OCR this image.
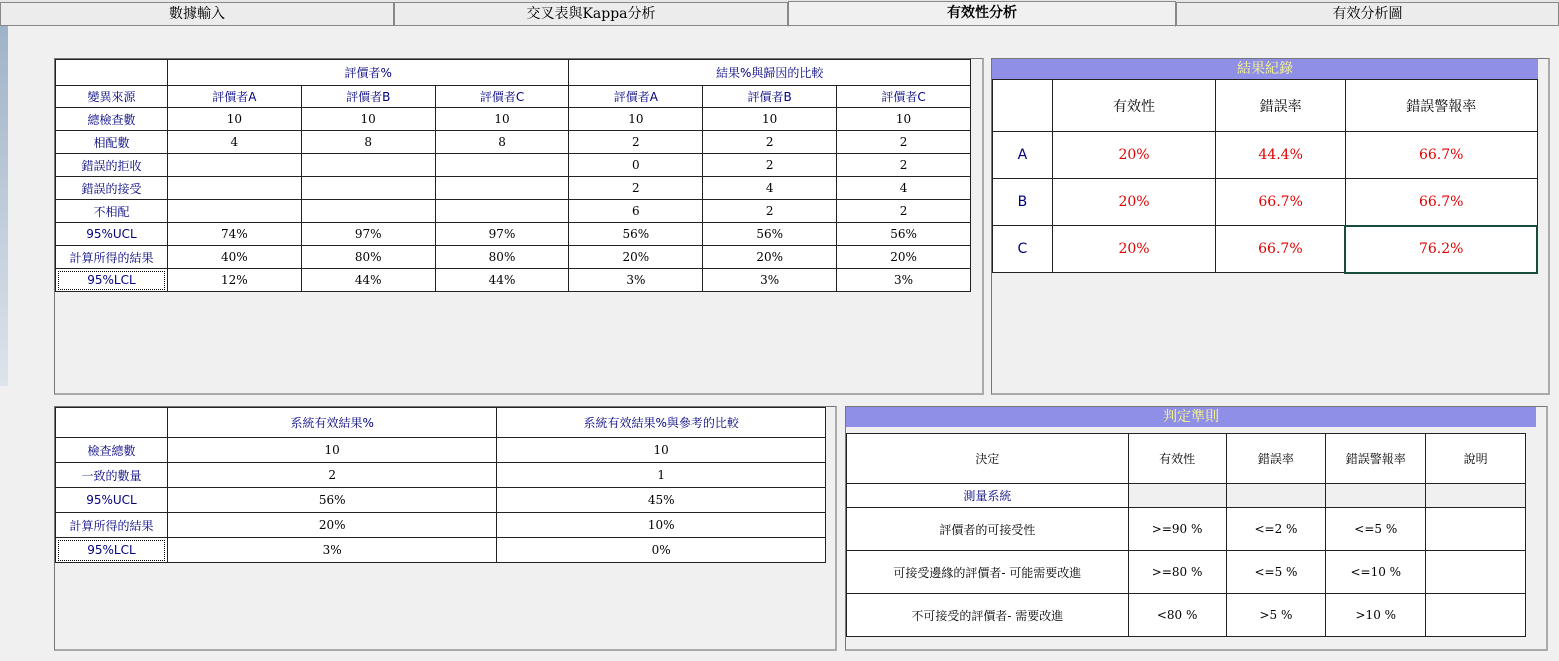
數據輸入	交叉表與Kappa分析	有效性分析	有效分析圖
	評價者%			結果%與歸因的比較		
變異來源	評價者A	評價者B	評價者C	評價者A	評價者B	評價者C
總檢查數	10	10	10	10	10	10
相配數	4	8	8	2	2	2
錯誤的拒收				0	2	2
錯誤的接受				2	4	4
不相配				6	2	2
95%UCL	74%	97%	97%	56%	56%	56%
計算所得的結果	40%	80%	80%	20%	20%	20%
95%LCL	12%	44%	44%	3%	3%	3%
結果紀錄
	有效性	錯誤率	錯誤警報率
A	20%	44.4%	66.7%
B	20%	66.7%	66.7%
C	20%	66.7%	76.2%
	系統有效結果%	系統有效結果%與參考的比較
檢查總數	10	10
一致的數量	2	1
95%UCL	56%	45%
計算所得的結果	20%	10%
95%LCL	3%	0%
判定準則
決定	有效性	錯誤率	錯誤警報率	說明
測量系統				
評價者的可接受性	>=90 %	<=2 %	<=5 %	
可接受邊緣的評價者- 可能需要改進	>=80 %	<=5 %	<=10 %	
不可接受的評價者- 需要改進	<80 %	>5 %	>10 %	
